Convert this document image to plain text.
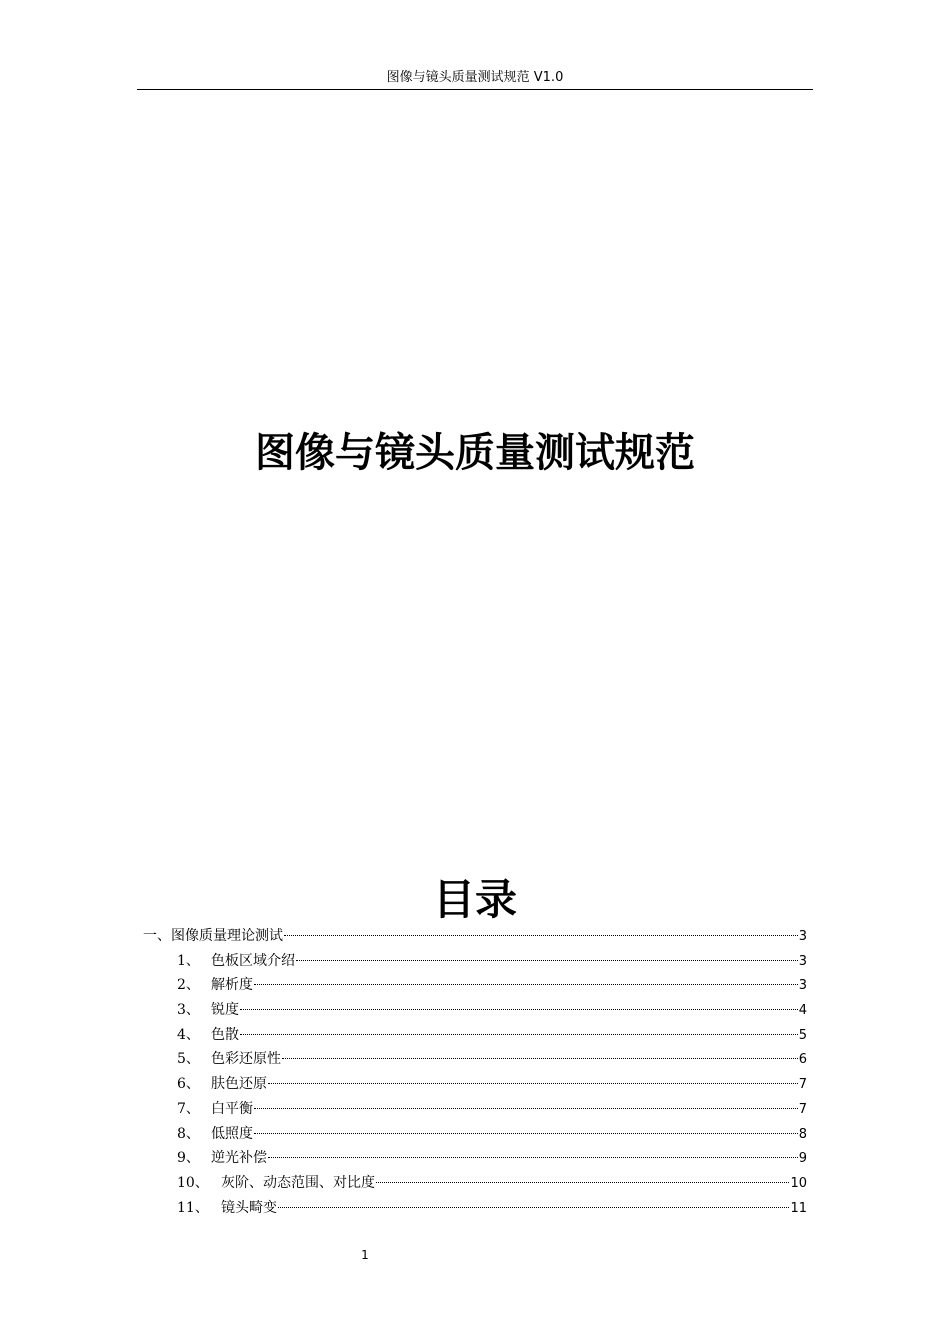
图像与镜头质量测试规范 V1.0
图像与镜头质量测试规范
目录
一、图像质量理论测试	3
1、 色板区域介绍	3
2、 解析度	3
3、 锐度	4
4、 色散	5
5、 色彩还原性	6
6、 肤色还原	7
7、 白平衡	7
8、 低照度	8
9、 逆光补偿	9
10、 灰阶、动态范围、对比度	10
11、 镜头畸变	11
1
